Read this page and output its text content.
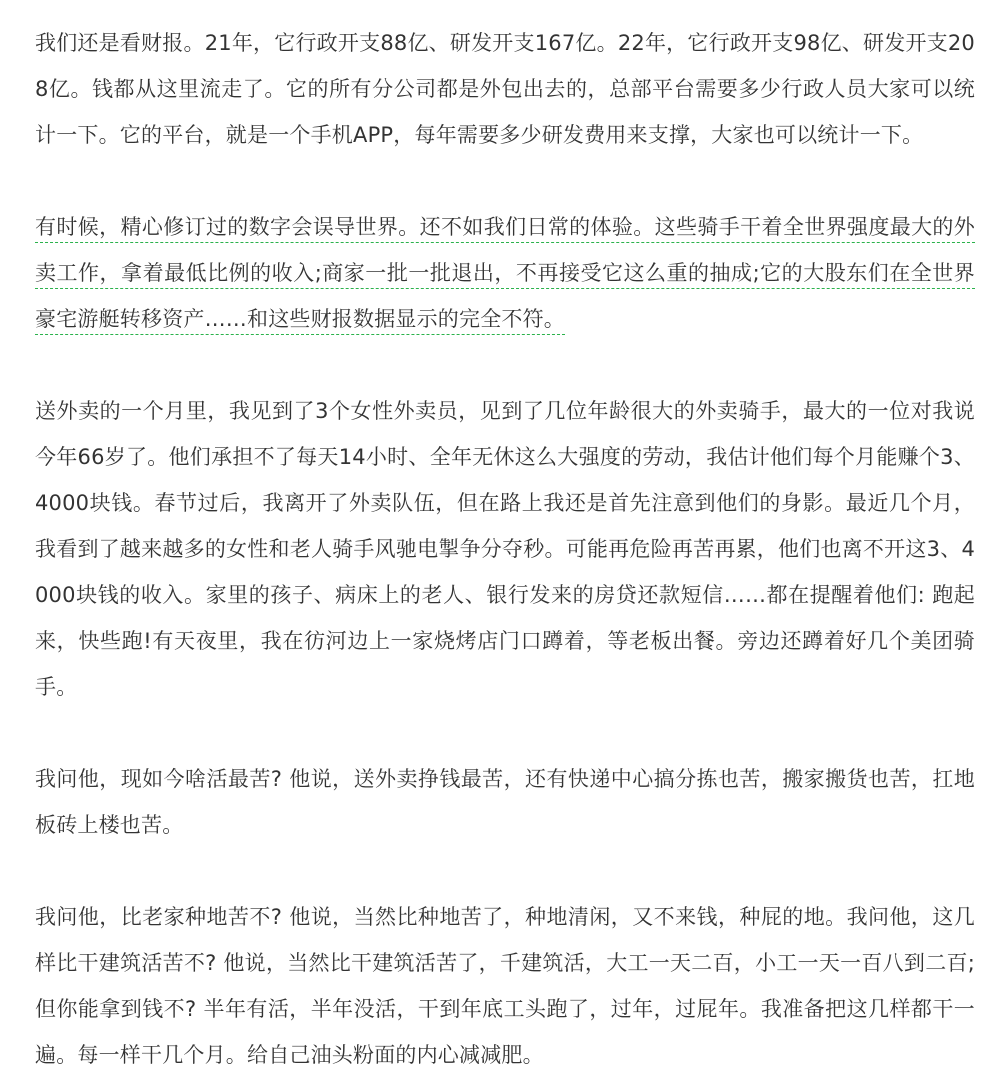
我们还是看财报。21年，它行政开支88亿、研发开支167亿。22年，它行政开支98亿、研发开支208亿。钱都从这里流走了。它的所有分公司都是外包出去的，总部平台需要多少行政人员大家可以统计一下。它的平台，就是一个手机APP，每年需要多少研发费用来支撑，大家也可以统计一下。

有时候，精心修订过的数字会误导世界。还不如我们日常的体验。这些骑手干着全世界强度最大的外卖工作，拿着最低比例的收入;商家一批一批退出，不再接受它这么重的抽成;它的大股东们在全世界豪宅游艇转移资产……和这些财报数据显示的完全不符。

送外卖的一个月里，我见到了3个女性外卖员，见到了几位年龄很大的外卖骑手，最大的一位对我说今年66岁了。他们承担不了每天14小时、全年无休这么大强度的劳动，我估计他们每个月能赚个3、4000块钱。春节过后，我离开了外卖队伍，但在路上我还是首先注意到他们的身影。最近几个月，我看到了越来越多的女性和老人骑手风驰电掣争分夺秒。可能再危险再苦再累，他们也离不开这3、4000块钱的收入。家里的孩子、病床上的老人、银行发来的房贷还款短信……都在提醒着他们: 跑起来，快些跑!有天夜里，我在彷河边上一家烧烤店门口蹲着，等老板出餐。旁边还蹲着好几个美团骑手。

我问他，现如今啥活最苦? 他说，送外卖挣钱最苦，还有快递中心搞分拣也苦，搬家搬货也苦，扛地板砖上楼也苦。

我问他，比老家种地苦不? 他说，当然比种地苦了，种地清闲，又不来钱，种屁的地。我问他，这几样比干建筑活苦不? 他说，当然比干建筑活苦了，千建筑活，大工一天二百，小工一天一百八到二百;但你能拿到钱不? 半年有活，半年没活，干到年底工头跑了，过年，过屁年。我准备把这几样都干一遍。每一样干几个月。给自己油头粉面的内心减减肥。
